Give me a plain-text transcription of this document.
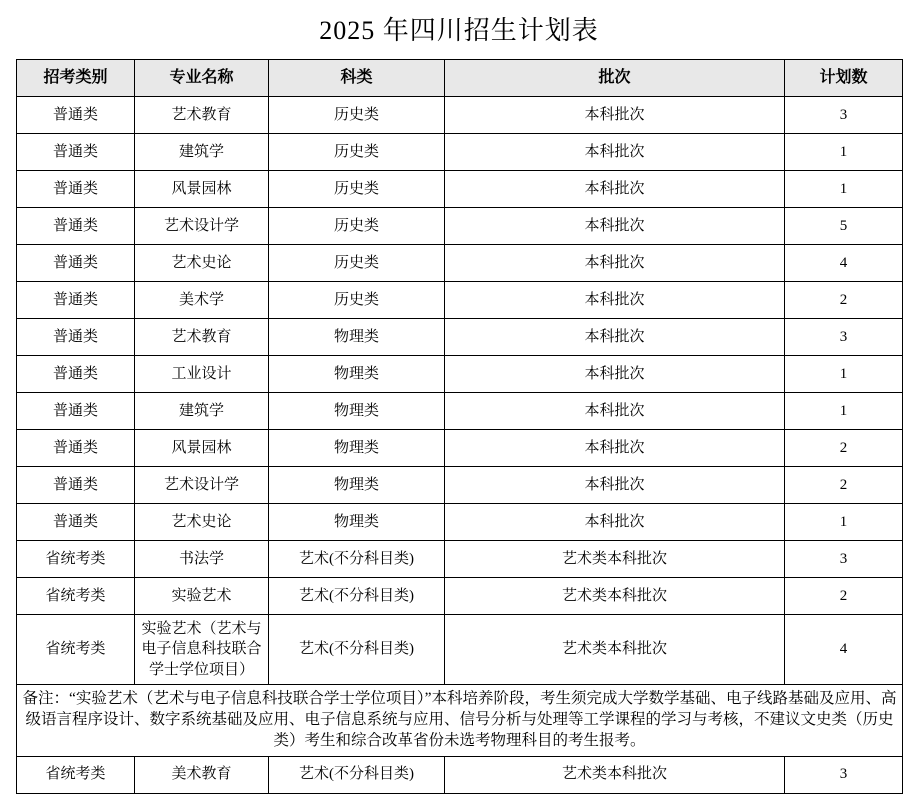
2025 年四川招生计划表
招考类别	专业名称	科类	批次	计划数
普通类	艺术教育	历史类	本科批次	3
普通类	建筑学	历史类	本科批次	1
普通类	风景园林	历史类	本科批次	1
普通类	艺术设计学	历史类	本科批次	5
普通类	艺术史论	历史类	本科批次	4
普通类	美术学	历史类	本科批次	2
普通类	艺术教育	物理类	本科批次	3
普通类	工业设计	物理类	本科批次	1
普通类	建筑学	物理类	本科批次	1
普通类	风景园林	物理类	本科批次	2
普通类	艺术设计学	物理类	本科批次	2
普通类	艺术史论	物理类	本科批次	1
省统考类	书法学	艺术(不分科目类)	艺术类本科批次	3
省统考类	实验艺术	艺术(不分科目类)	艺术类本科批次	2
省统考类	实验艺术（艺术与电子信息科技联合学士学位项目）	艺术(不分科目类)	艺术类本科批次	4
备注：“实验艺术（艺术与电子信息科技联合学士学位项目）”本科培养阶段，考生须完成大学数学基础、电子线路基础及应用、高级语言程序设计、数字系统基础及应用、电子信息系统与应用、信号分析与处理等工学课程的学习与考核，不建议文史类（历史类）考生和综合改革省份未选考物理科目的考生报考。				
省统考类	美术教育	艺术(不分科目类)	艺术类本科批次	3
